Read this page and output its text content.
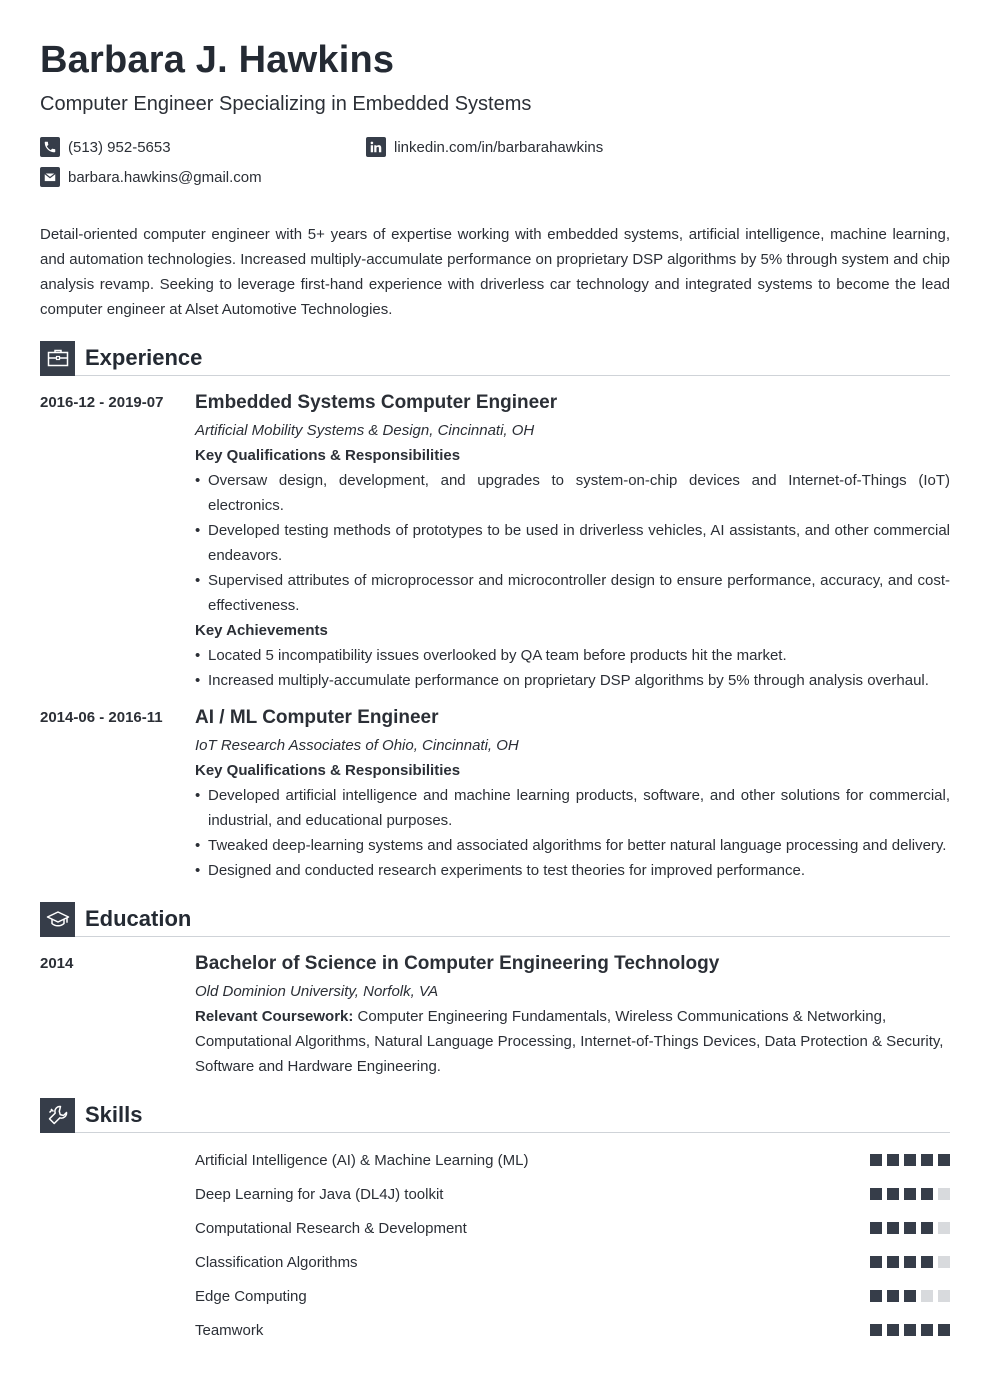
Barbara J. Hawkins
Computer Engineer Specializing in Embedded Systems
(513) 952-5653	linkedin.com/in/barbarahawkins
barbara.hawkins@gmail.com

Detail-oriented computer engineer with 5+ years of expertise working with embedded systems, artificial intelligence, machine learning, and automation technologies. Increased multiply-accumulate performance on proprietary DSP algorithms by 5% through system and chip analysis revamp. Seeking to leverage first-hand experience with driverless car technology and integrated systems to become the lead computer engineer at Alset Automotive Technologies.

Experience
2016-12 - 2019-07	Embedded Systems Computer Engineer
Artificial Mobility Systems & Design, Cincinnati, OH
Key Qualifications & Responsibilities
• Oversaw design, development, and upgrades to system-on-chip devices and Internet-of-Things (IoT) electronics.
• Developed testing methods of prototypes to be used in driverless vehicles, AI assistants, and other commercial endeavors.
• Supervised attributes of microprocessor and microcontroller design to ensure performance, accuracy, and cost-effectiveness.
Key Achievements
• Located 5 incompatibility issues overlooked by QA team before products hit the market.
• Increased multiply-accumulate performance on proprietary DSP algorithms by 5% through analysis overhaul.
2014-06 - 2016-11	AI / ML Computer Engineer
IoT Research Associates of Ohio, Cincinnati, OH
Key Qualifications & Responsibilities
• Developed artificial intelligence and machine learning products, software, and other solutions for commercial, industrial, and educational purposes.
• Tweaked deep-learning systems and associated algorithms for better natural language processing and delivery.
• Designed and conducted research experiments to test theories for improved performance.
Education
2014	Bachelor of Science in Computer Engineering Technology
Old Dominion University, Norfolk, VA
Relevant Coursework: Computer Engineering Fundamentals, Wireless Communications & Networking, Computational Algorithms, Natural Language Processing, Internet-of-Things Devices, Data Protection & Security, Software and Hardware Engineering.
Skills
Artificial Intelligence (AI) & Machine Learning (ML)
Deep Learning for Java (DL4J) toolkit
Computational Research & Development
Classification Algorithms
Edge Computing
Teamwork
